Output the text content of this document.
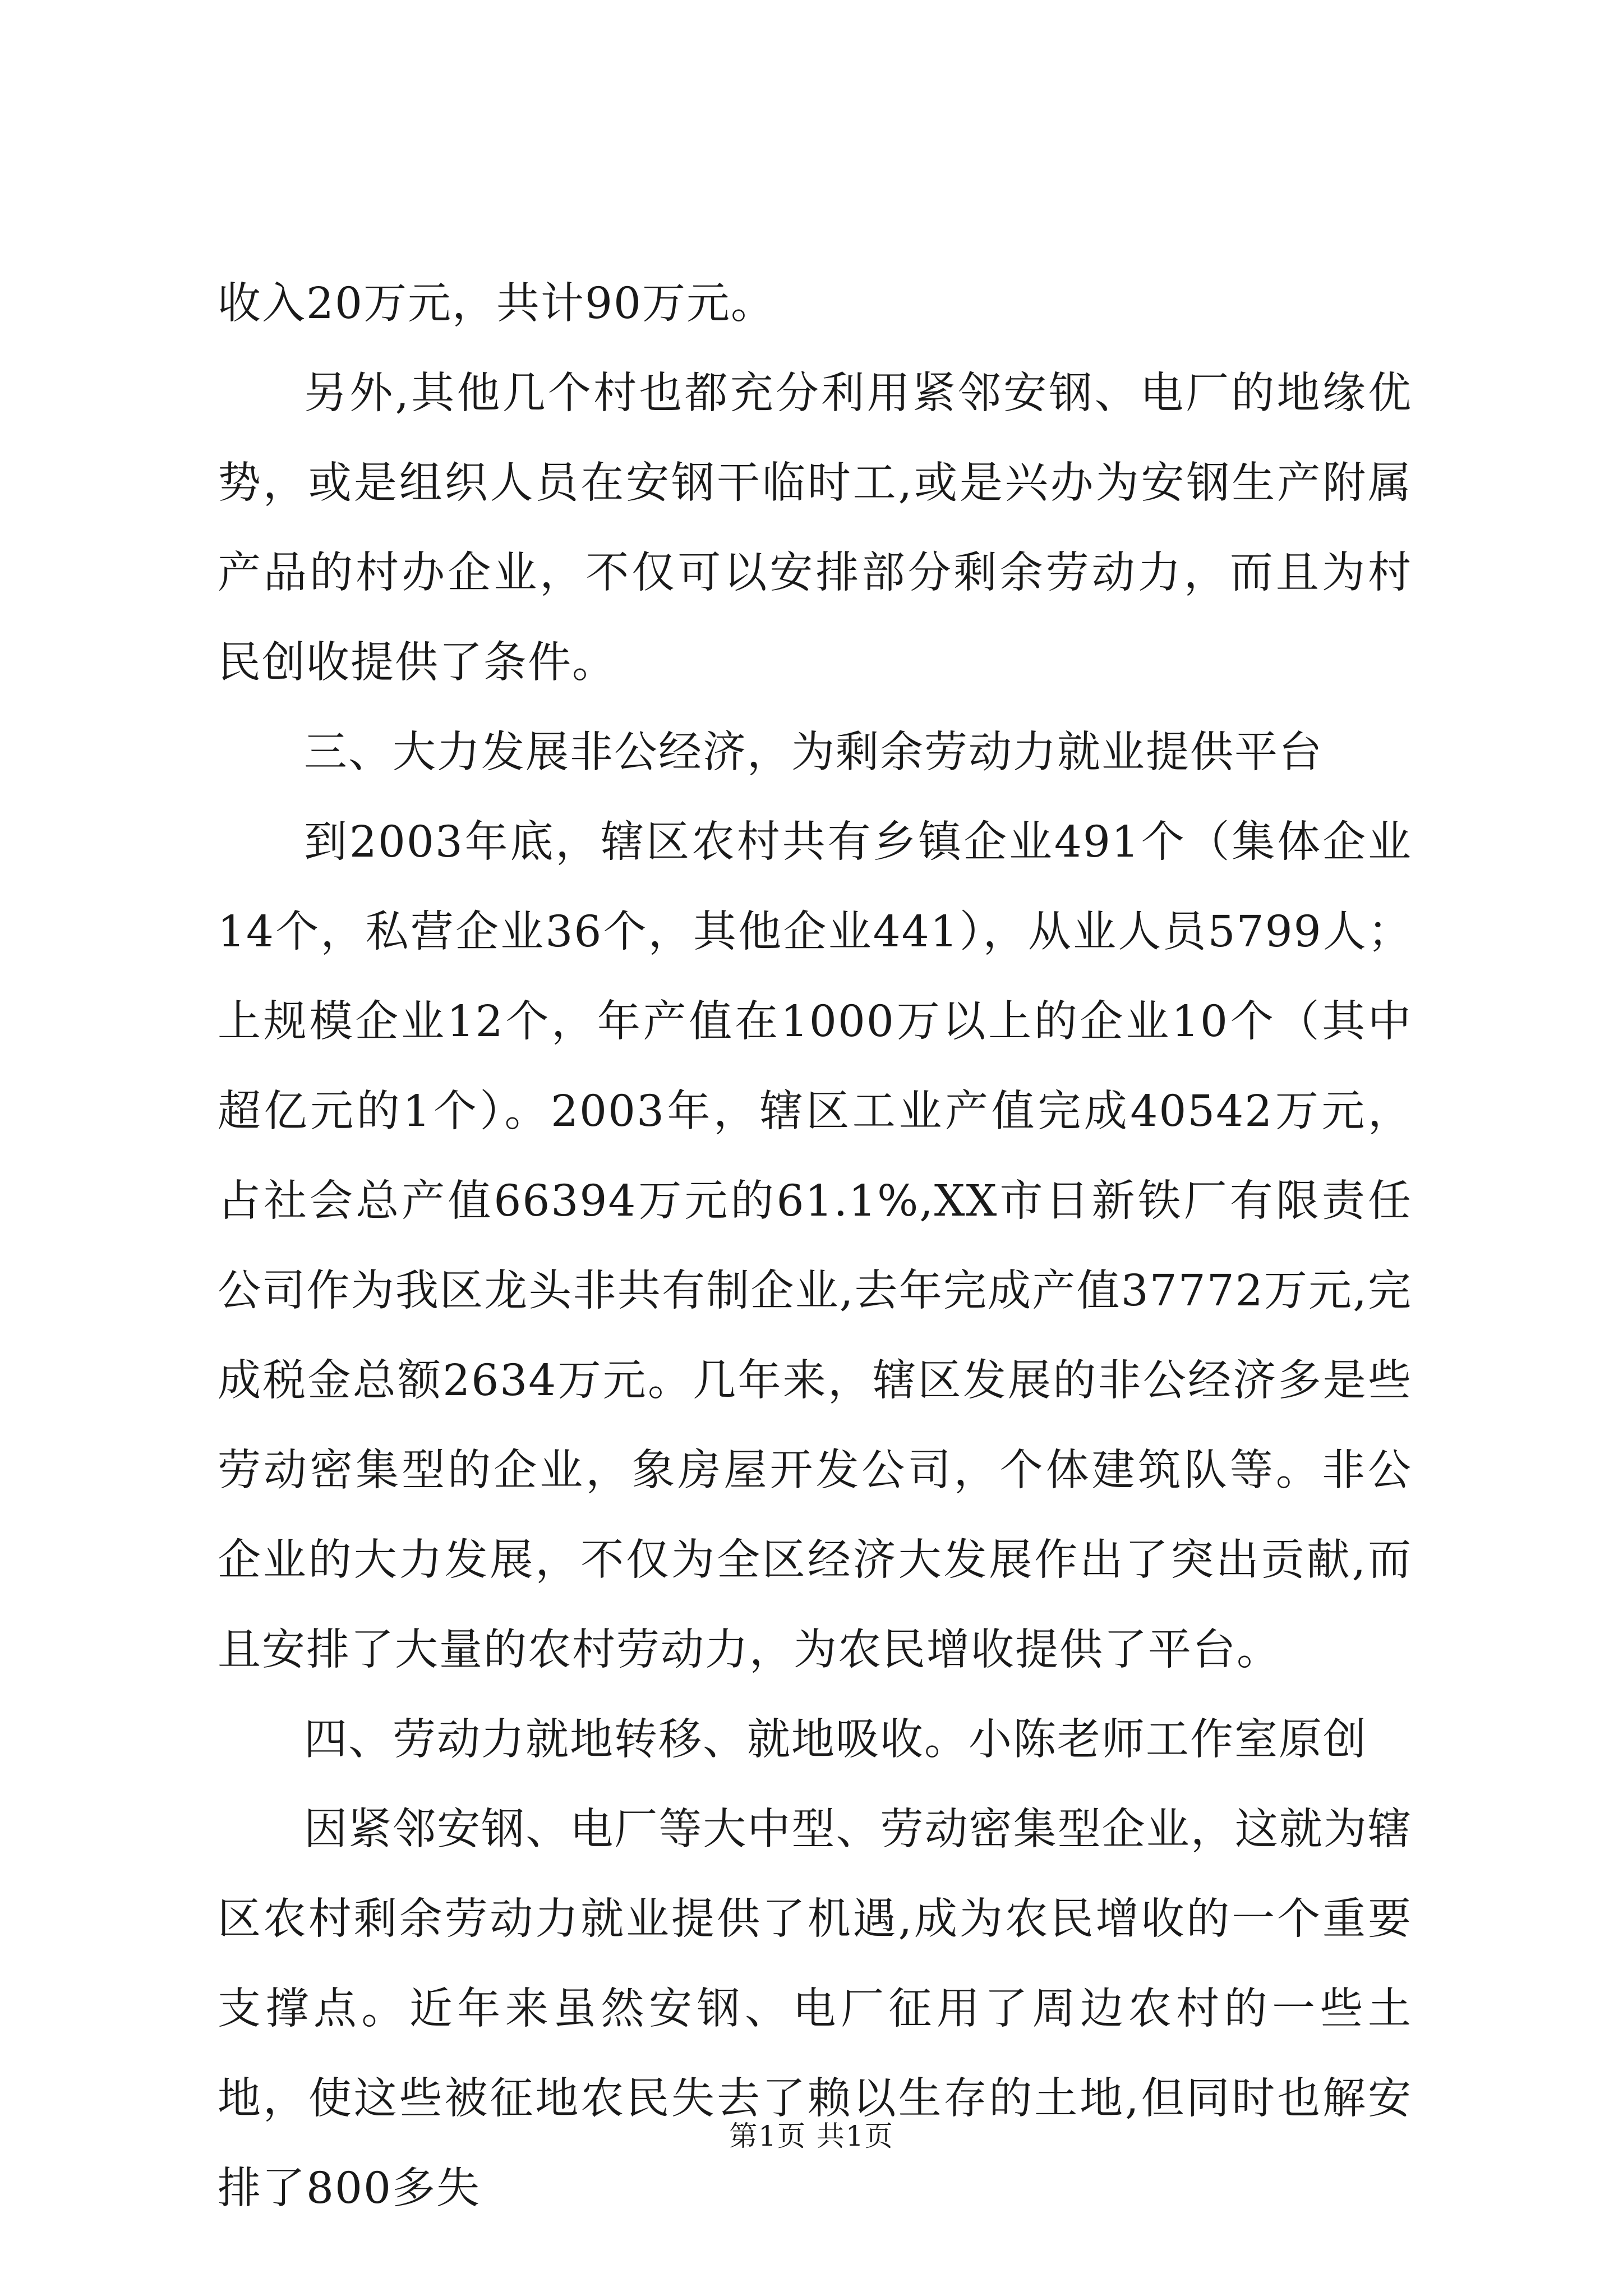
收入20万元，共计90万元。

另外,其他几个村也都充分利用紧邻安钢、电厂的地缘优势，或是组织人员在安钢干临时工,或是兴办为安钢生产附属产品的村办企业，不仅可以安排部分剩余劳动力，而且为村民创收提供了条件。

三、大力发展非公经济，为剩余劳动力就业提供平台

到2003年底，辖区农村共有乡镇企业491个（集体企业14个，私营企业36个，其他企业441），从业人员5799人；上规模企业12个，年产值在1000万以上的企业10个（其中超亿元的1个）。2003年，辖区工业产值完成40542万元，占社会总产值66394万元的61.1%,XX市日新铁厂有限责任公司作为我区龙头非共有制企业,去年完成产值37772万元,完成税金总额2634万元。几年来，辖区发展的非公经济多是些劳动密集型的企业，象房屋开发公司，个体建筑队等。非公企业的大力发展，不仅为全区经济大发展作出了突出贡献,而且安排了大量的农村劳动力，为农民增收提供了平台。

四、劳动力就地转移、就地吸收。小陈老师工作室原创

因紧邻安钢、电厂等大中型、劳动密集型企业，这就为辖区农村剩余劳动力就业提供了机遇,成为农民增收的一个重要支撑点。近年来虽然安钢、电厂征用了周边农村的一些土地，使这些被征地农民失去了赖以生存的土地,但同时也解安排了800多失

第1页 共1页
